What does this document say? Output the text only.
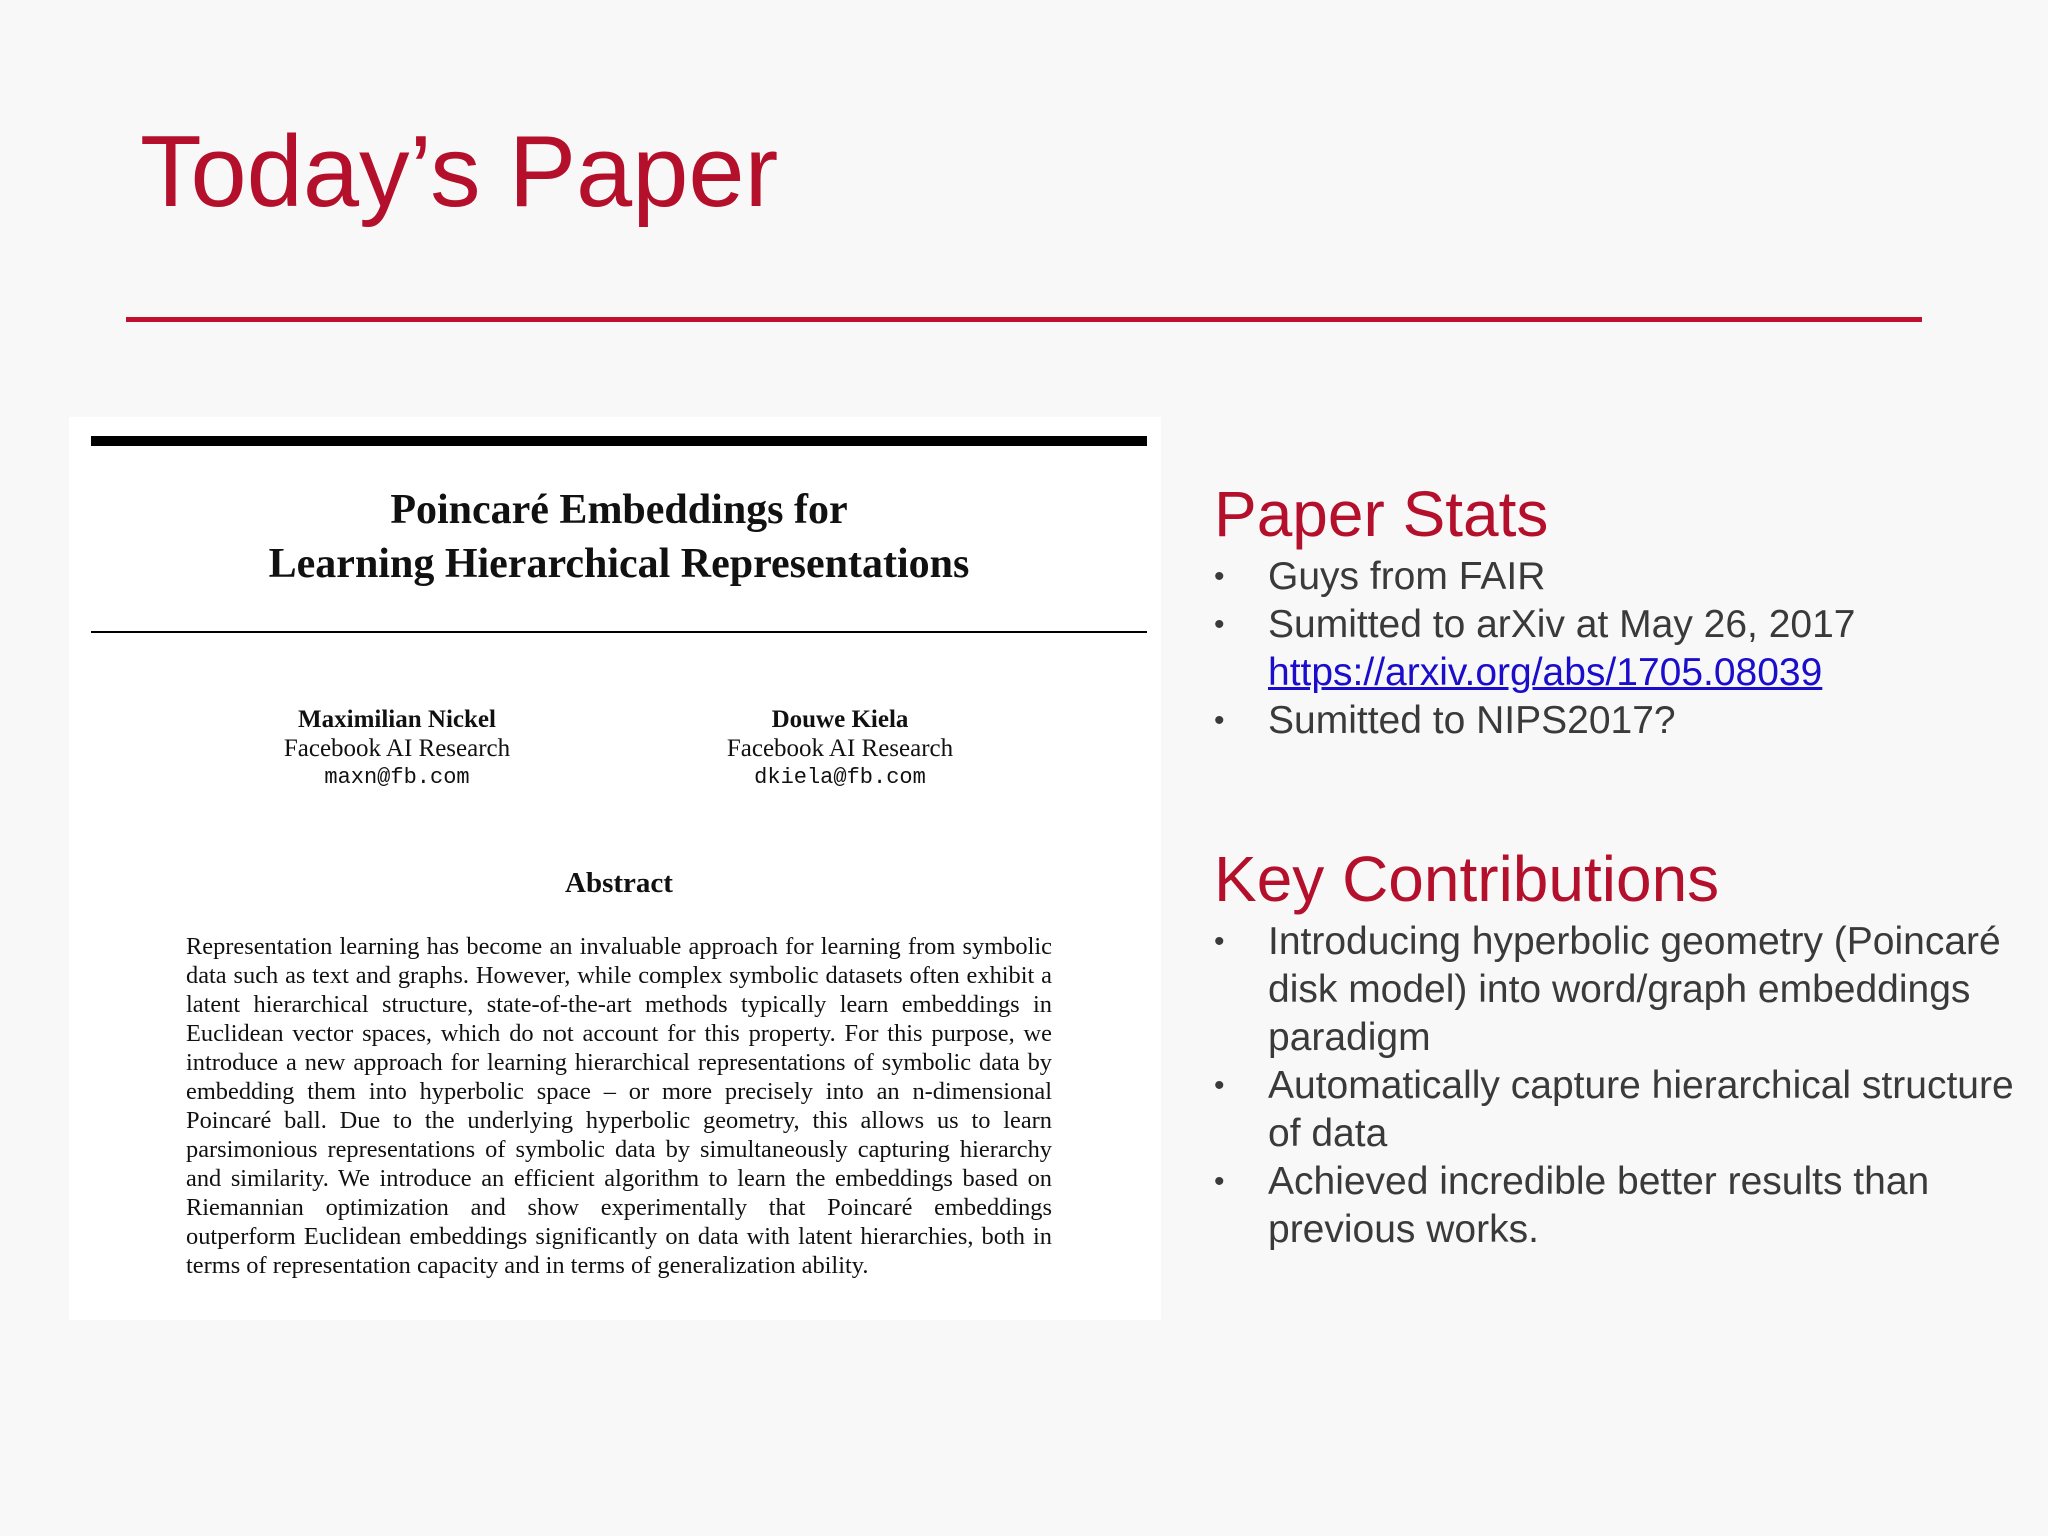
Today’s Paper
Poincaré Embeddings for
Learning Hierarchical Representations
Maximilian Nickel
Facebook AI Research
maxn@fb.com
Douwe Kiela
Facebook AI Research
dkiela@fb.com
Abstract

Representation learning has become an invaluable approach for learning from symbolic data such as text and graphs. However, while complex symbolic datasets often exhibit a latent hierarchical structure, state-of-the-art methods typically learn embeddings in Euclidean vector spaces, which do not account for this property. For this purpose, we introduce a new approach for learning hierarchical representations of symbolic data by embedding them into hyperbolic space – or more precisely into an n-dimensional Poincaré ball. Due to the underlying hyperbolic geometry, this allows us to learn parsimonious representations of symbolic data by simultaneously capturing hierarchy and similarity. We introduce an efficient algorithm to learn the embeddings based on Riemannian optimization and show experimentally that Poincaré embeddings outperform Euclidean embeddings significantly on data with latent hierarchies, both in terms of representation capacity and in terms of generalization ability.

Paper Stats
• Guys from FAIR
• Sumitted to arXiv at May 26, 2017
https://arxiv.org/abs/1705.08039
• Sumitted to NIPS2017?
Key Contributions
• Introducing hyperbolic geometry (Poincaré disk model) into word/graph embeddings paradigm
• Automatically capture hierarchical structure of data
• Achieved incredible better results than previous works.
